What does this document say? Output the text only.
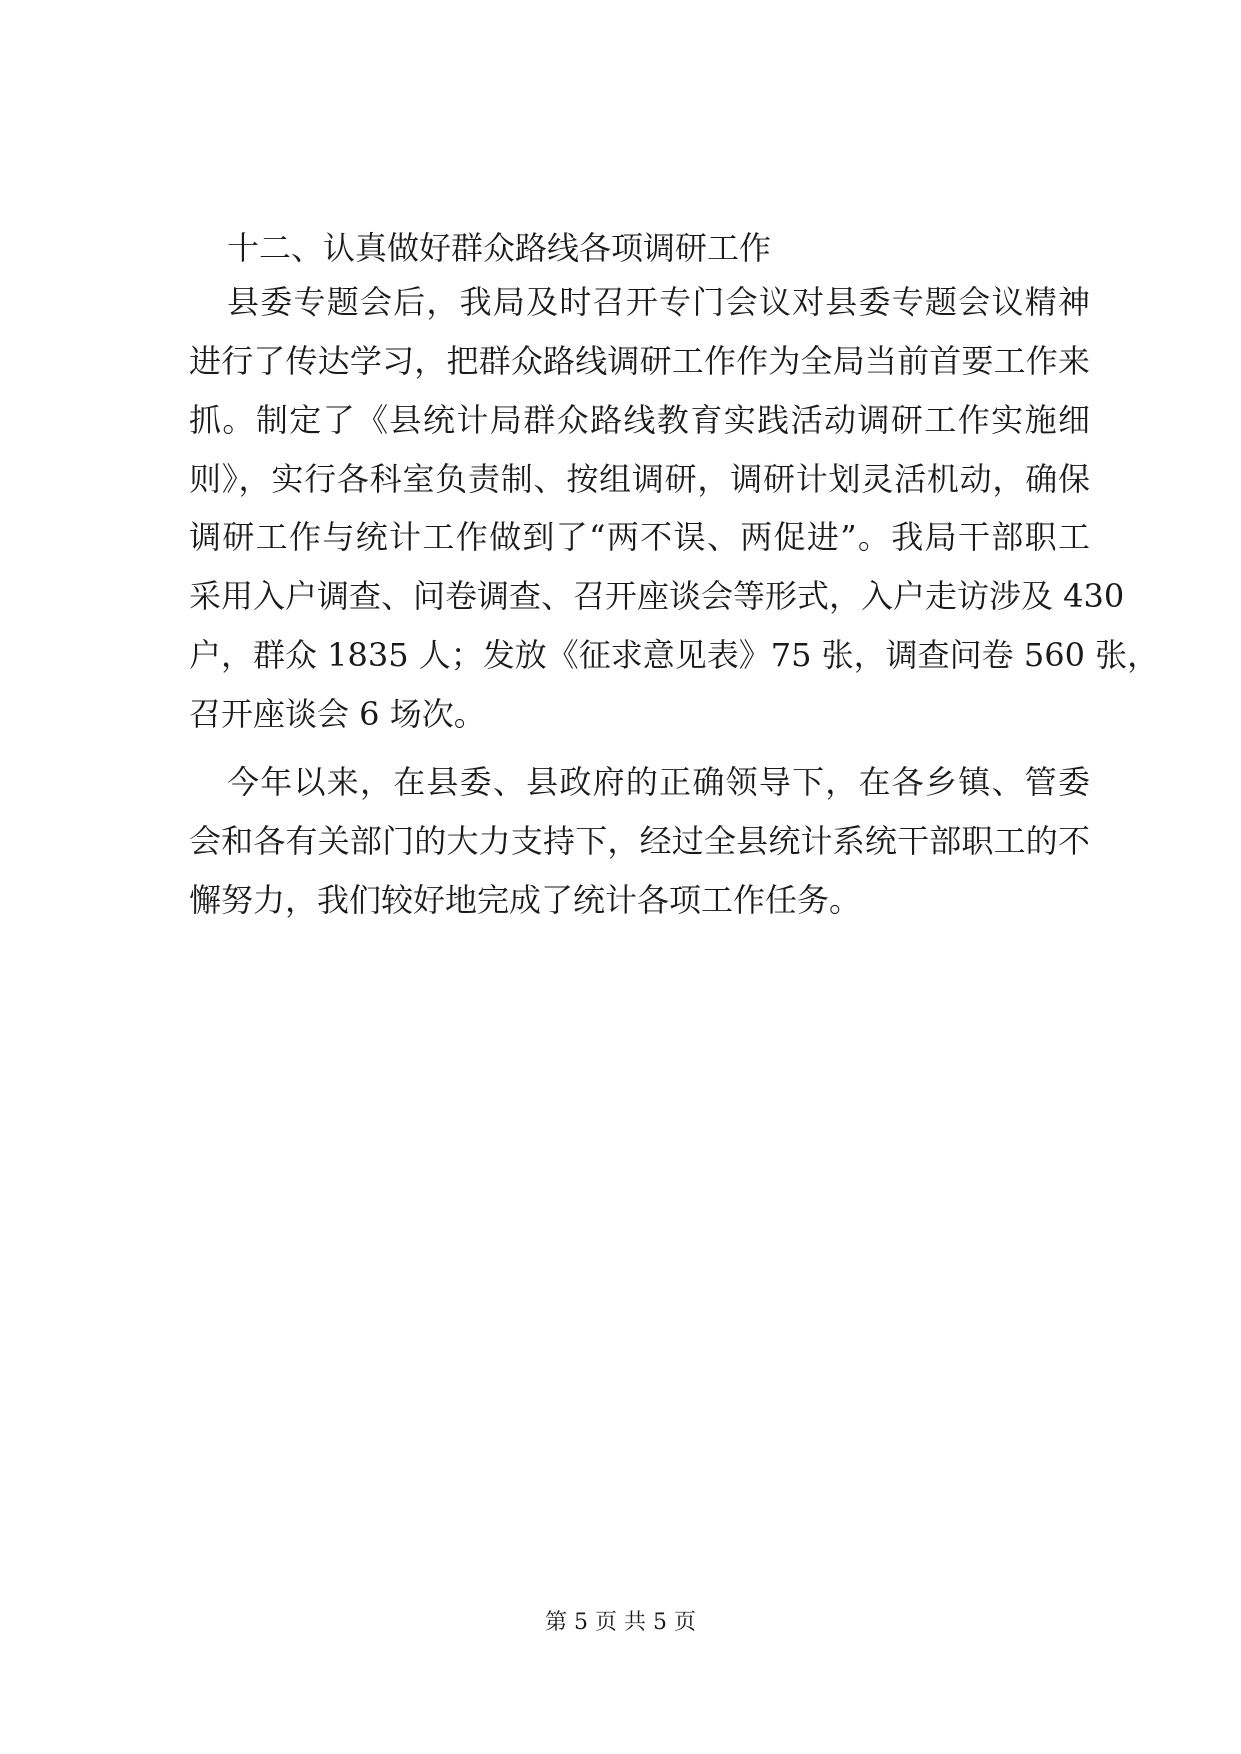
十二、认真做好群众路线各项调研工作
县委专题会后，我局及时召开专门会议对县委专题会议精神
进行了传达学习，把群众路线调研工作作为全局当前首要工作来
抓。制定了《县统计局群众路线教育实践活动调研工作实施细
则》，实行各科室负责制、按组调研，调研计划灵活机动，确保
调研工作与统计工作做到了“两不误、两促进”。我局干部职工
采用入户调查、问卷调查、召开座谈会等形式，入户走访涉及 430
户，群众 1835 人；发放《征求意见表》75 张，调查问卷 560 张，
召开座谈会 6 场次。
今年以来，在县委、县政府的正确领导下，在各乡镇、管委
会和各有关部门的大力支持下，经过全县统计系统干部职工的不
懈努力，我们较好地完成了统计各项工作任务。
第 5 页 共 5 页
